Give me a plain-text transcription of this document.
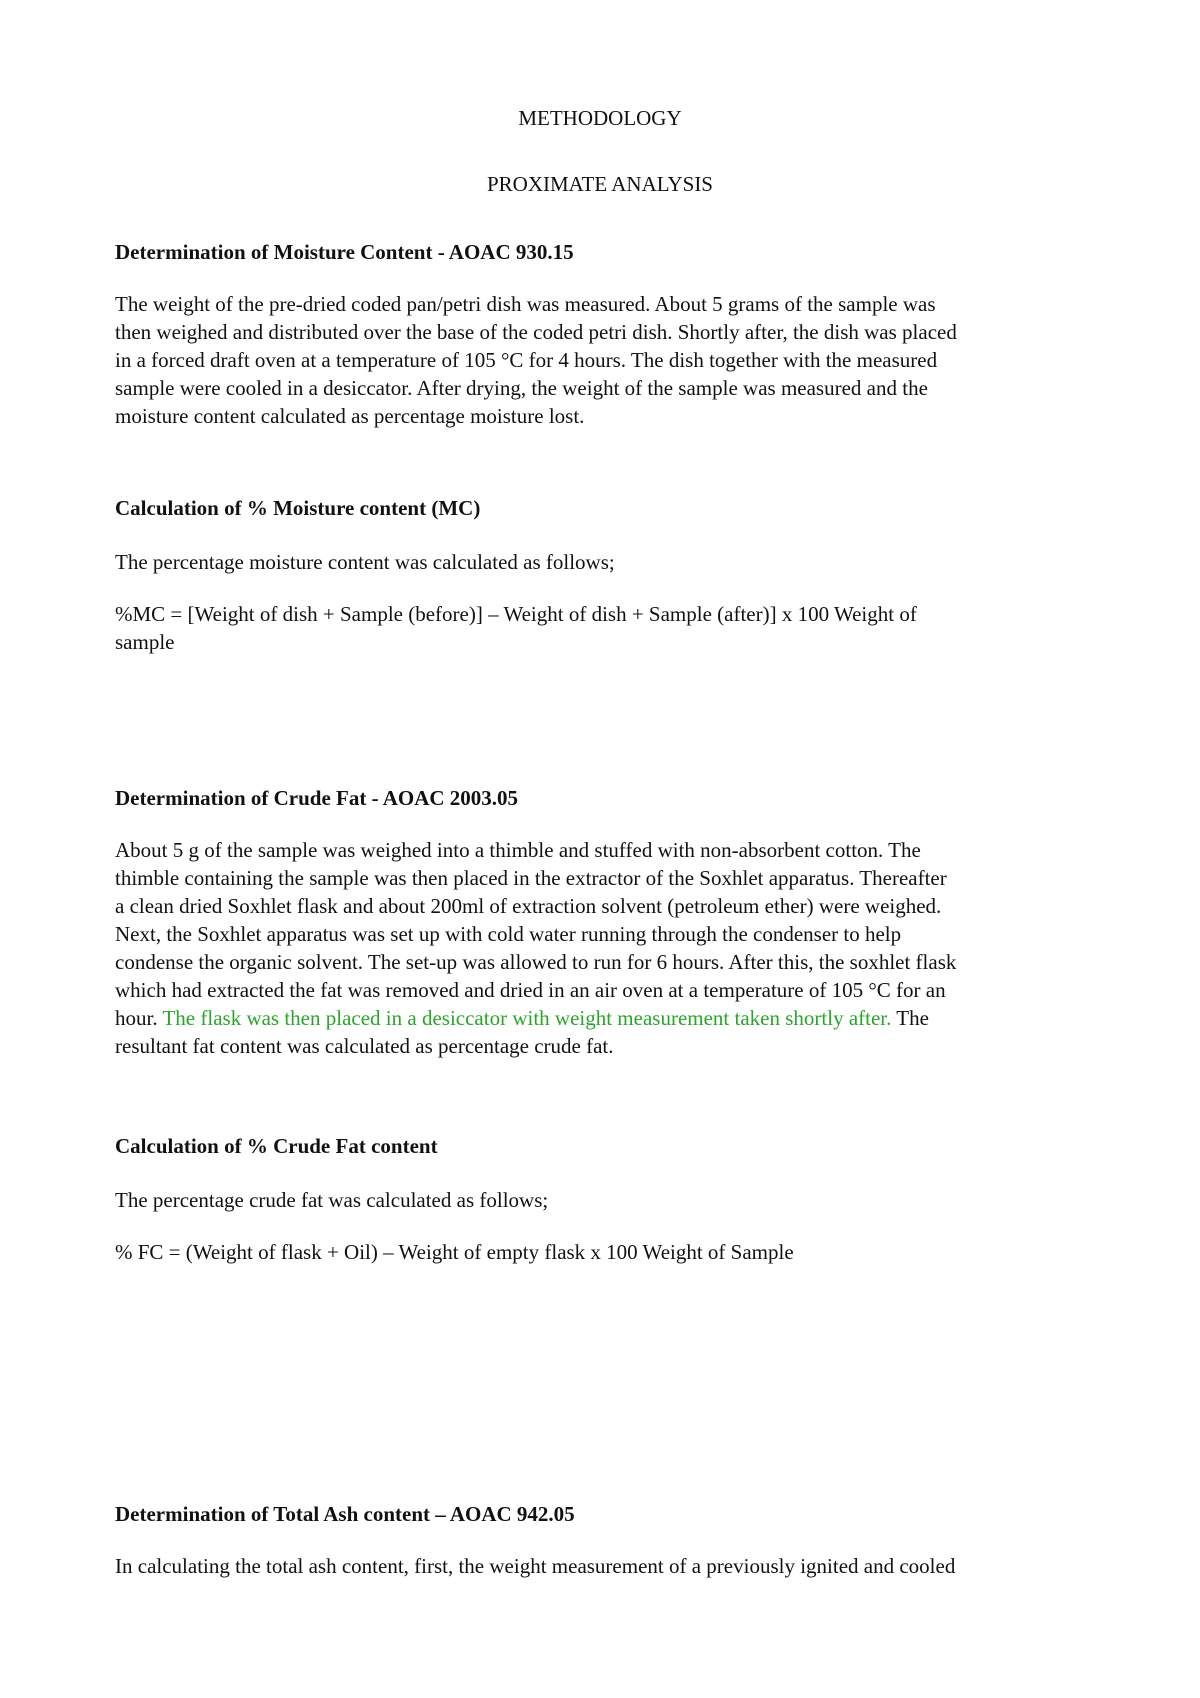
METHODOLOGY

PROXIMATE ANALYSIS

Determination of Moisture Content - AOAC 930.15

The weight of the pre-dried coded pan/petri dish was measured. About 5 grams of the sample was
then weighed and distributed over the base of the coded petri dish. Shortly after, the dish was placed
in a forced draft oven at a temperature of 105 °C for 4 hours. The dish together with the measured
sample were cooled in a desiccator. After drying, the weight of the sample was measured and the
moisture content calculated as percentage moisture lost.

Calculation of % Moisture content (MC)

The percentage moisture content was calculated as follows;

%MC = [Weight of dish + Sample (before)] – Weight of dish + Sample (after)] x 100 Weight of
sample

Determination of Crude Fat - AOAC 2003.05

About 5 g of the sample was weighed into a thimble and stuffed with non-absorbent cotton. The
thimble containing the sample was then placed in the extractor of the Soxhlet apparatus. Thereafter
a clean dried Soxhlet flask and about 200ml of extraction solvent (petroleum ether) were weighed.
Next, the Soxhlet apparatus was set up with cold water running through the condenser to help
condense the organic solvent. The set-up was allowed to run for 6 hours. After this, the soxhlet flask
which had extracted the fat was removed and dried in an air oven at a temperature of 105 °C for an
hour. The flask was then placed in a desiccator with weight measurement taken shortly after. The
resultant fat content was calculated as percentage crude fat.

Calculation of % Crude Fat content

The percentage crude fat was calculated as follows;

% FC = (Weight of flask + Oil) – Weight of empty flask x 100 Weight of Sample

Determination of Total Ash content – AOAC 942.05

In calculating the total ash content, first, the weight measurement of a previously ignited and cooled
